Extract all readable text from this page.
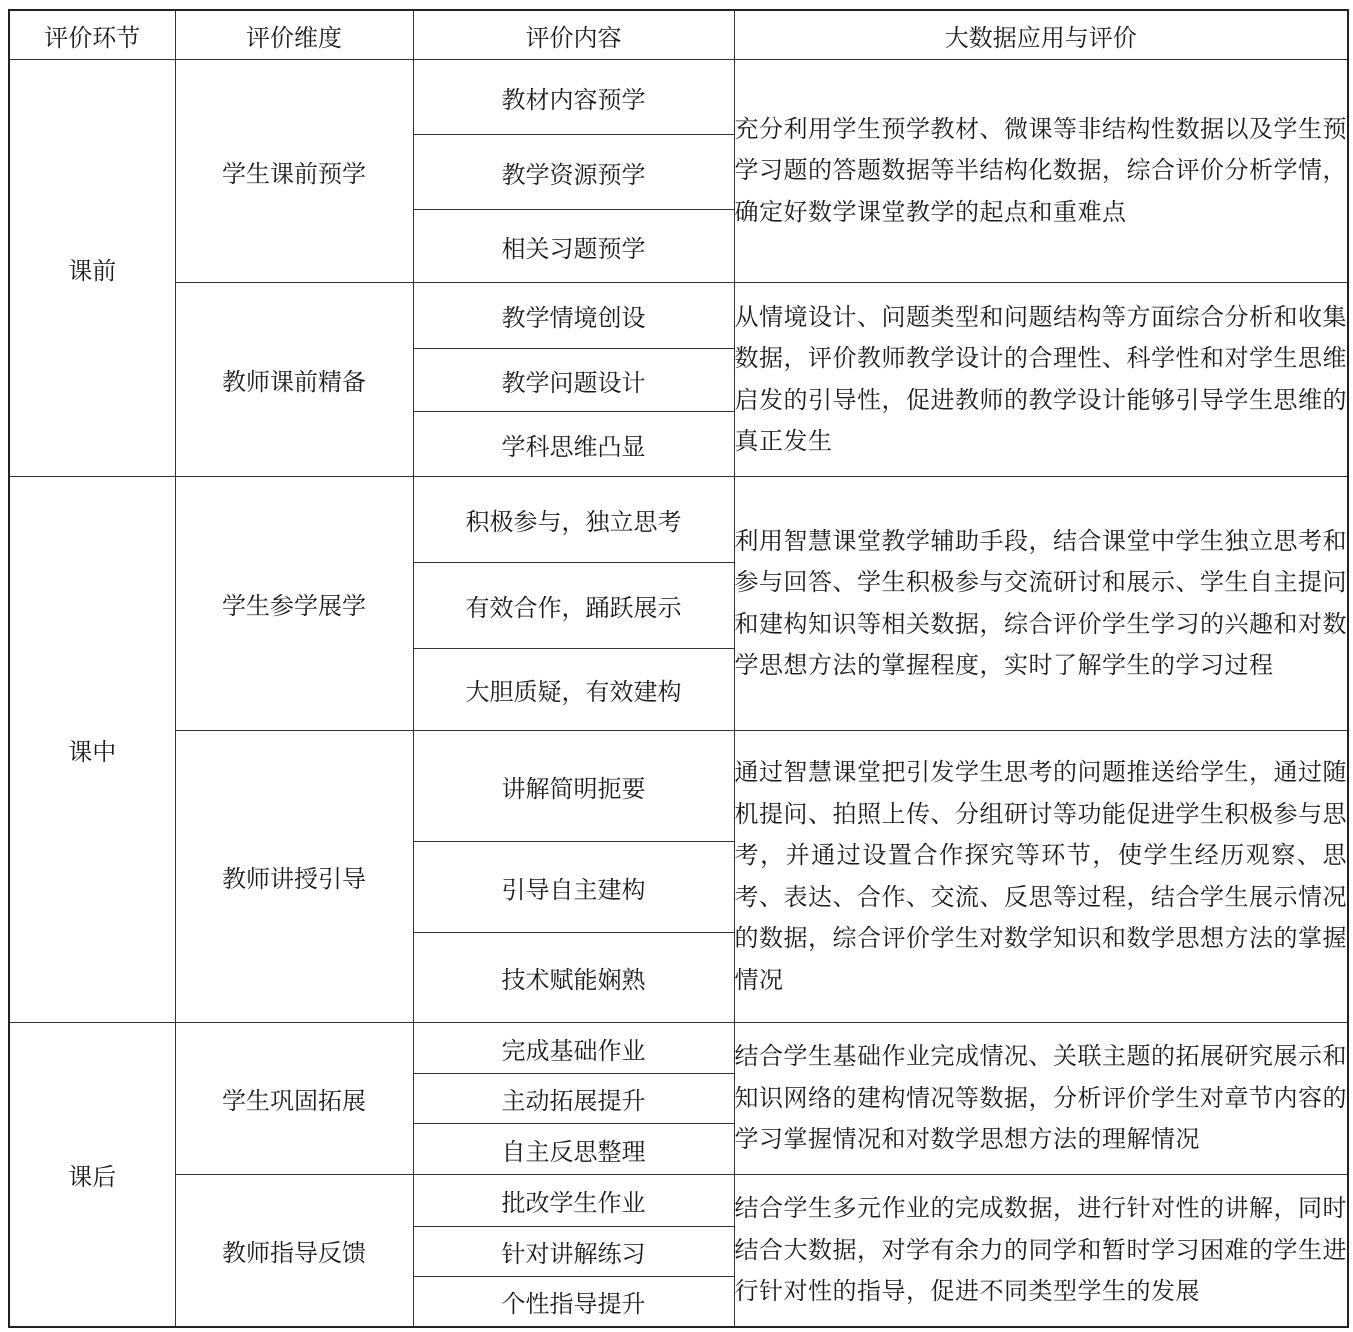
评价环节	评价维度	评价内容	大数据应用与评价
课前	学生课前预学	教材内容预学	充分利用学生预学教材、微课等非结构性数据以及学生预学习题的答题数据等半结构化数据，综合评价分析学情，确定好数学课堂教学的起点和重难点
		教学资源预学	
		相关习题预学	
	教师课前精备	教学情境创设	从情境设计、问题类型和问题结构等方面综合分析和收集数据，评价教师教学设计的合理性、科学性和对学生思维启发的引导性，促进教师的教学设计能够引导学生思维的真正发生
		教学问题设计	
		学科思维凸显	
课中	学生参学展学	积极参与，独立思考	利用智慧课堂教学辅助手段，结合课堂中学生独立思考和参与回答、学生积极参与交流研讨和展示、学生自主提问和建构知识等相关数据，综合评价学生学习的兴趣和对数学思想方法的掌握程度，实时了解学生的学习过程
		有效合作，踊跃展示	
		大胆质疑，有效建构	
	教师讲授引导	讲解简明扼要	通过智慧课堂把引发学生思考的问题推送给学生，通过随机提问、拍照上传、分组研讨等功能促进学生积极参与思考，并通过设置合作探究等环节，使学生经历观察、思考、表达、合作、交流、反思等过程，结合学生展示情况的数据，综合评价学生对数学知识和数学思想方法的掌握情况
		引导自主建构	
		技术赋能娴熟	
课后	学生巩固拓展	完成基础作业	结合学生基础作业完成情况、关联主题的拓展研究展示和知识网络的建构情况等数据，分析评价学生对章节内容的学习掌握情况和对数学思想方法的理解情况
		主动拓展提升	
		自主反思整理	
	教师指导反馈	批改学生作业	结合学生多元作业的完成数据，进行针对性的讲解，同时结合大数据，对学有余力的同学和暂时学习困难的学生进行针对性的指导，促进不同类型学生的发展
		针对讲解练习	
		个性指导提升	
